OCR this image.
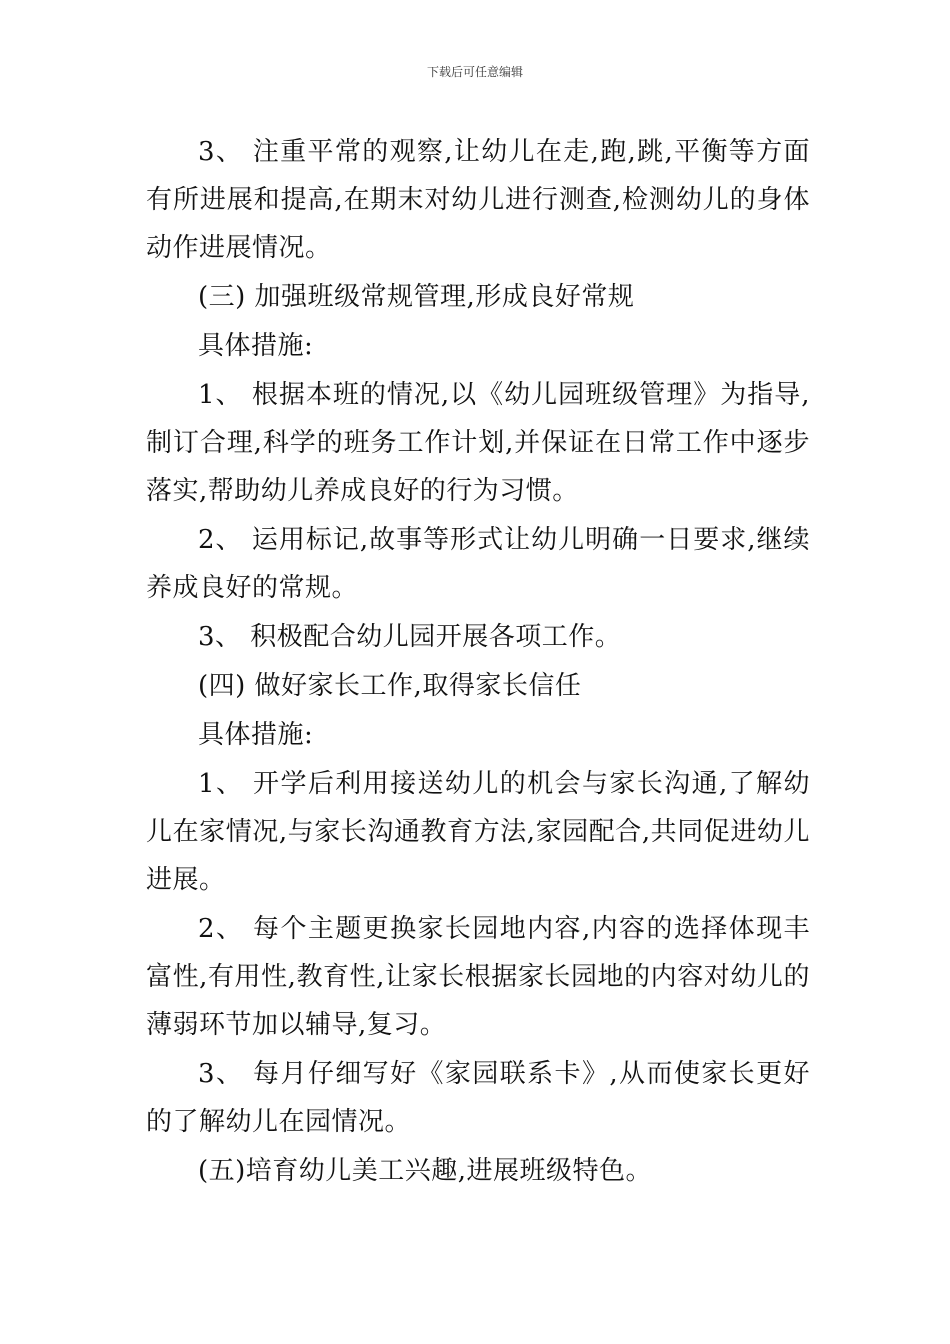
下载后可任意编辑

3、 注重平常的观察,让幼儿在走,跑,跳,平衡等方面有所进展和提高,在期末对幼儿进行测查,检测幼儿的身体动作进展情况。

(三) 加强班级常规管理,形成良好常规

具体措施:

1、 根据本班的情况,以《幼儿园班级管理》为指导,制订合理,科学的班务工作计划,并保证在日常工作中逐步落实,帮助幼儿养成良好的行为习惯。

2、 运用标记,故事等形式让幼儿明确一日要求,继续养成良好的常规。

3、 积极配合幼儿园开展各项工作。

(四) 做好家长工作,取得家长信任

具体措施:

1、 开学后利用接送幼儿的机会与家长沟通,了解幼儿在家情况,与家长沟通教育方法,家园配合,共同促进幼儿进展。

2、 每个主题更换家长园地内容,内容的选择体现丰富性,有用性,教育性,让家长根据家长园地的内容对幼儿的薄弱环节加以辅导,复习。

3、 每月仔细写好《家园联系卡》,从而使家长更好的了解幼儿在园情况。

(五)培育幼儿美工兴趣,进展班级特色。
